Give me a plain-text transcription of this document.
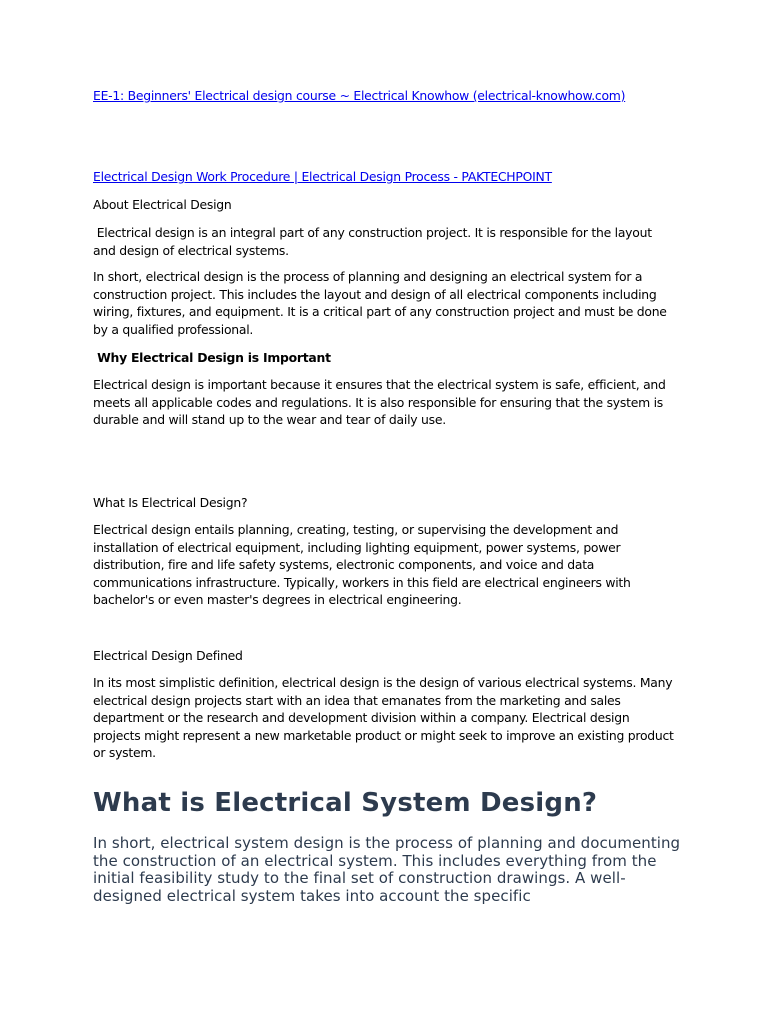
EE-1: Beginners' Electrical design course ~ Electrical Knowhow (electrical-knowhow.com)

Electrical Design Work Procedure | Electrical Design Process - PAKTECHPOINT

About Electrical Design

Electrical design is an integral part of any construction project. It is responsible for the layout and design of electrical systems.

In short, electrical design is the process of planning and designing an electrical system for a construction project. This includes the layout and design of all electrical components including wiring, fixtures, and equipment. It is a critical part of any construction project and must be done by a qualified professional.

Why Electrical Design is Important

Electrical design is important because it ensures that the electrical system is safe, efficient, and meets all applicable codes and regulations. It is also responsible for ensuring that the system is durable and will stand up to the wear and tear of daily use.

What Is Electrical Design?

Electrical design entails planning, creating, testing, or supervising the development and installation of electrical equipment, including lighting equipment, power systems, power distribution, fire and life safety systems, electronic components, and voice and data communications infrastructure. Typically, workers in this field are electrical engineers with bachelor's or even master's degrees in electrical engineering.

Electrical Design Defined

In its most simplistic definition, electrical design is the design of various electrical systems. Many electrical design projects start with an idea that emanates from the marketing and sales department or the research and development division within a company. Electrical design projects might represent a new marketable product or might seek to improve an existing product or system.

What is Electrical System Design?

In short, electrical system design is the process of planning and documenting the construction of an electrical system. This includes everything from the initial feasibility study to the final set of construction drawings. A well-designed electrical system takes into account the specific
